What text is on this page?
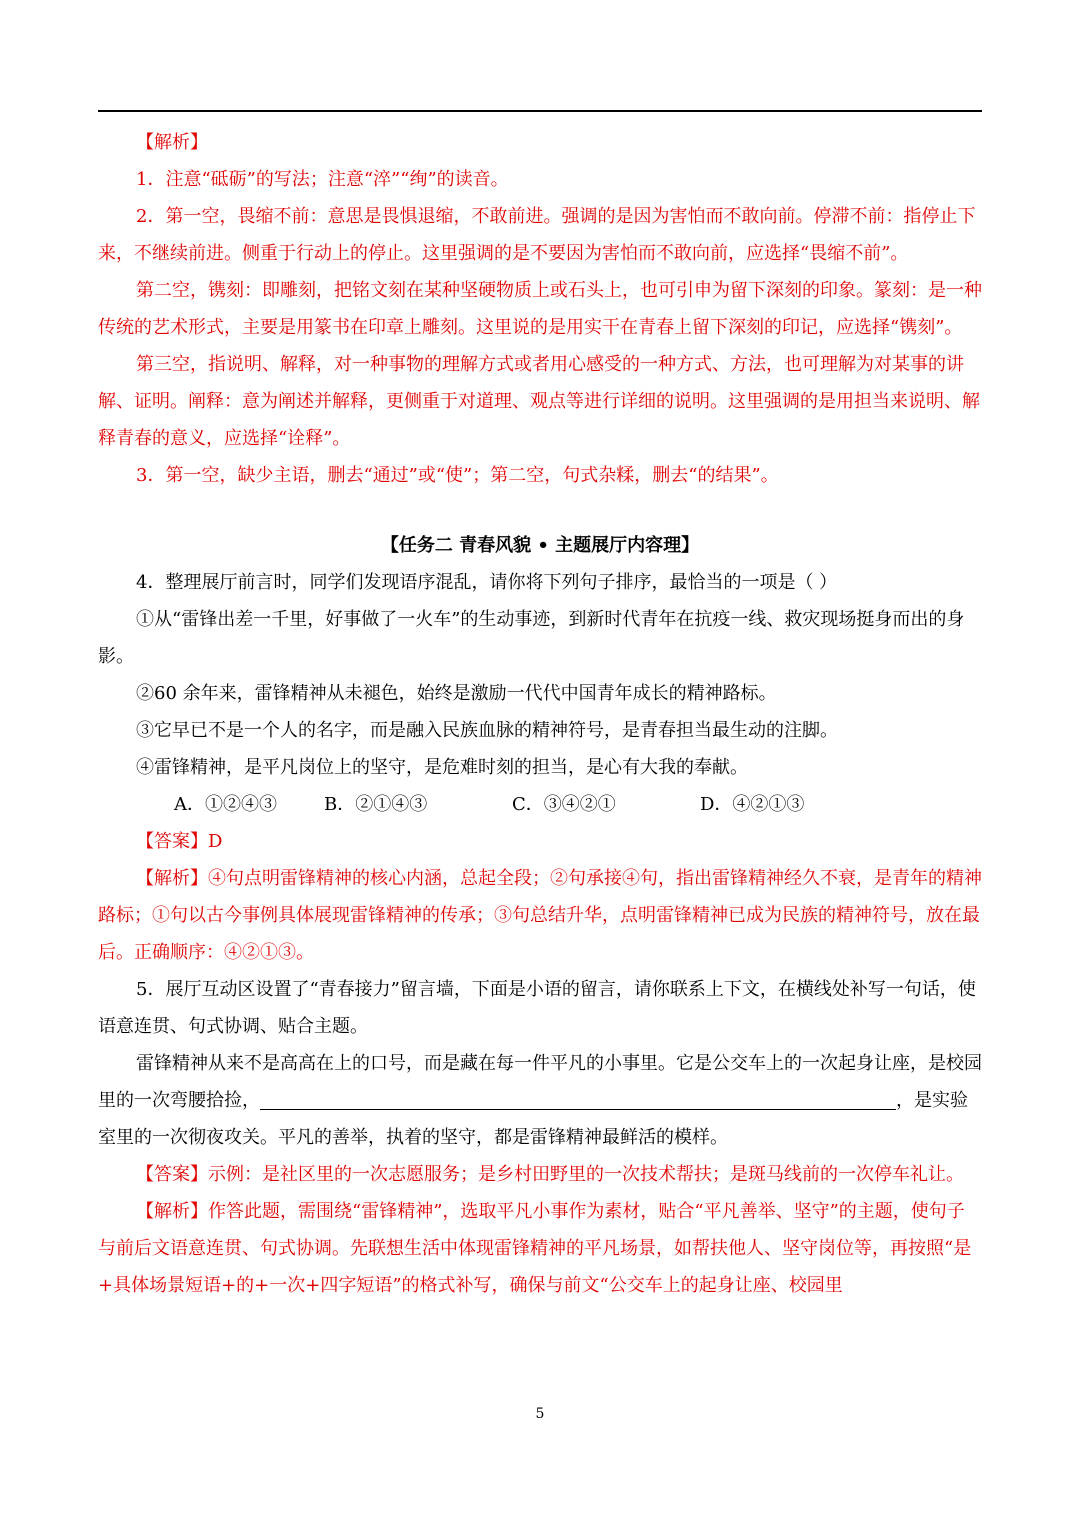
【解析】

1．注意“砥砺”的写法；注意“淬”“绚”的读音。

2．第一空，畏缩不前：意思是畏惧退缩，不敢前进。强调的是因为害怕而不敢向前。停滞不前：指停止下来，不继续前进。侧重于行动上的停止。这里强调的是不要因为害怕而不敢向前，应选择“畏缩不前”。

第二空，镌刻：即雕刻，把铭文刻在某种坚硬物质上或石头上，也可引申为留下深刻的印象。篆刻：是一种传统的艺术形式，主要是用篆书在印章上雕刻。这里说的是用实干在青春上留下深刻的印记，应选择“镌刻”。

第三空，指说明、解释，对一种事物的理解方式或者用心感受的一种方式、方法，也可理解为对某事的讲解、证明。阐释：意为阐述并解释，更侧重于对道理、观点等进行详细的说明。这里强调的是用担当来说明、解释青春的意义，应选择“诠释”。

3．第一空，缺少主语，删去“通过”或“使”；第二空，句式杂糅，删去“的结果”。

【任务二 青春风貌 • 主题展厅内容理】

4．整理展厅前言时，同学们发现语序混乱，请你将下列句子排序，最恰当的一项是（ ）

①从“雷锋出差一千里，好事做了一火车”的生动事迹，到新时代青年在抗疫一线、救灾现场挺身而出的身影。

②60 余年来，雷锋精神从未褪色，始终是激励一代代中国青年成长的精神路标。

③它早已不是一个人的名字，而是融入民族血脉的精神符号，是青春担当最生动的注脚。

④雷锋精神，是平凡岗位上的坚守，是危难时刻的担当，是心有大我的奉献。

A．①②④③	B．②①④③	C．③④②①	D．④②①③

【答案】D

【解析】④句点明雷锋精神的核心内涵，总起全段；②句承接④句，指出雷锋精神经久不衰，是青年的精神路标；①句以古今事例具体展现雷锋精神的传承；③句总结升华，点明雷锋精神已成为民族的精神符号，放在最后。正确顺序：④②①③。

5．展厅互动区设置了“青春接力”留言墙，下面是小语的留言，请你联系上下文，在横线处补写一句话，使语意连贯、句式协调、贴合主题。

雷锋精神从来不是高高在上的口号，而是藏在每一件平凡的小事里。它是公交车上的一次起身让座，是校园里的一次弯腰拾捡，	，是实验室里的一次彻夜攻关。平凡的善举，执着的坚守，都是雷锋精神最鲜活的模样。

【答案】示例：是社区里的一次志愿服务；是乡村田野里的一次技术帮扶；是斑马线前的一次停车礼让。

【解析】作答此题，需围绕“雷锋精神”，选取平凡小事作为素材，贴合“平凡善举、坚守”的主题，使句子与前后文语意连贯、句式协调。先联想生活中体现雷锋精神的平凡场景，如帮扶他人、坚守岗位等，再按照“是+具体场景短语+的+一次+四字短语”的格式补写，确保与前文“公交车上的起身让座、校园里

5
